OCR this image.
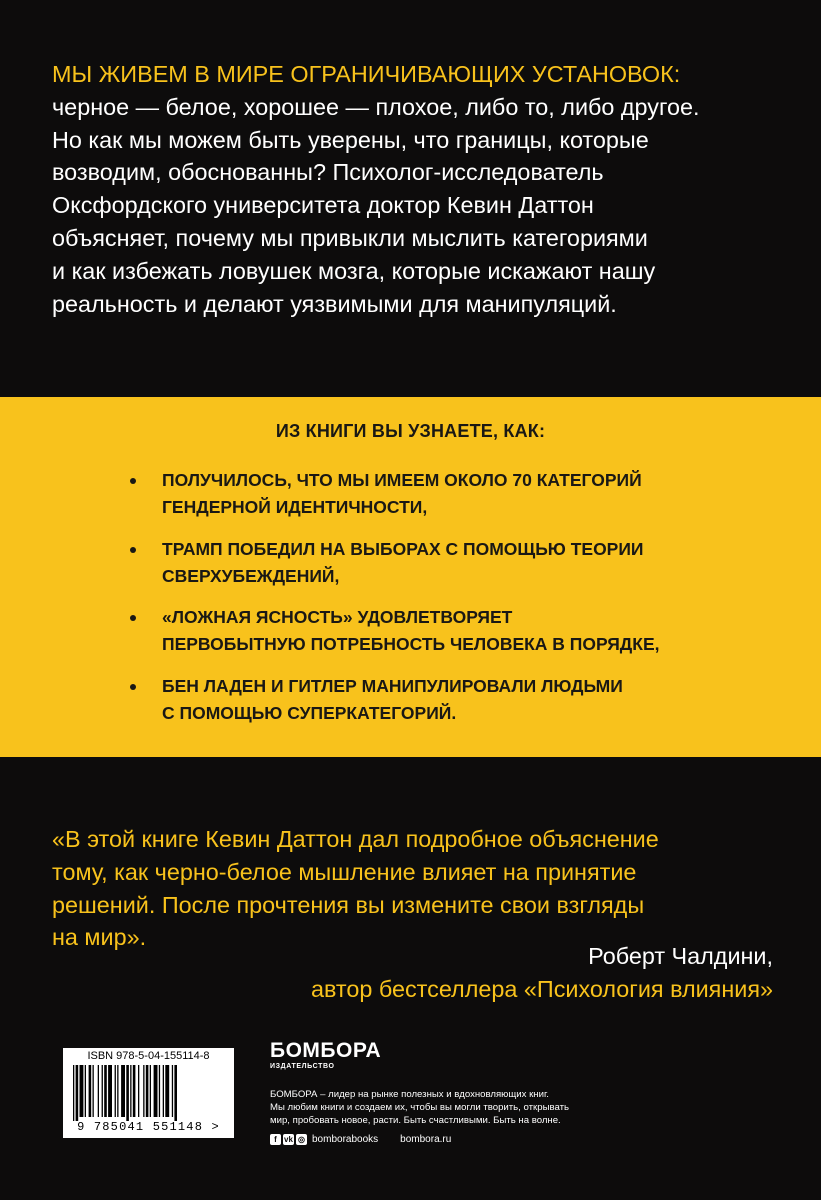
МЫ ЖИВЕМ В МИРЕ ОГРАНИЧИВАЮЩИХ УСТАНОВОК:
черное — белое, хорошее — плохое, либо то, либо другое.
Но как мы можем быть уверены, что границы, которые
возводим, обоснованны? Психолог-исследователь
Оксфордского университета доктор Кевин Даттон
объясняет, почему мы привыкли мыслить категориями
и как избежать ловушек мозга, которые искажают нашу
реальность и делают уязвимыми для манипуляций.
ИЗ КНИГИ ВЫ УЗНАЕТЕ, КАК:
ПОЛУЧИЛОСЬ, ЧТО МЫ ИМЕЕМ ОКОЛО 70 КАТЕГОРИЙ
ГЕНДЕРНОЙ ИДЕНТИЧНОСТИ,
ТРАМП ПОБЕДИЛ НА ВЫБОРАХ С ПОМОЩЬЮ ТЕОРИИ
СВЕРХУБЕЖДЕНИЙ,
«ЛОЖНАЯ ЯСНОСТЬ» УДОВЛЕТВОРЯЕТ
ПЕРВОБЫТНУЮ ПОТРЕБНОСТЬ ЧЕЛОВЕКА В ПОРЯДКЕ,
БЕН ЛАДЕН И ГИТЛЕР МАНИПУЛИРОВАЛИ ЛЮДЬМИ
С ПОМОЩЬЮ СУПЕРКАТЕГОРИЙ.
«В этой книге Кевин Даттон дал подробное объяснение
тому, как черно-белое мышление влияет на принятие
решений. После прочтения вы измените свои взгляды
на мир».
Роберт Чалдини,
автор бестселлера «Психология влияния»
ISBN 978-5-04-155114-8
9 785041 551148 >
БОМБОРА
ИЗДАТЕЛЬСТВО
БОМБОРА – лидер на рынке полезных и вдохновляющих книг.
Мы любим книги и создаем их, чтобы вы могли творить, открывать
мир, пробовать новое, расти. Быть счастливыми. Быть на волне.
f vk ◎ bomborabooks bombora.ru
